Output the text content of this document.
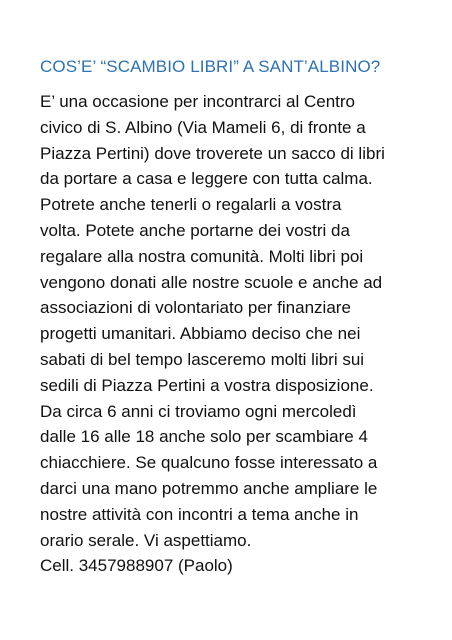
COS’E’ “SCAMBIO LIBRI” A SANT’ALBINO?
E’ una occasione per incontrarci al Centro
civico di S. Albino (Via Mameli 6, di fronte a
Piazza Pertini) dove troverete un sacco di libri
da portare a casa e leggere con tutta calma.
Potrete anche tenerli o regalarli a vostra
volta. Potete anche portarne dei vostri da
regalare alla nostra comunità. Molti libri poi
vengono donati alle nostre scuole e anche ad
associazioni di volontariato per finanziare
progetti umanitari. Abbiamo deciso che nei
sabati di bel tempo lasceremo molti libri sui
sedili di Piazza Pertini a vostra disposizione.
Da circa 6 anni ci troviamo ogni mercoledì
dalle 16 alle 18 anche solo per scambiare 4
chiacchiere. Se qualcuno fosse interessato a
darci una mano potremmo anche ampliare le
nostre attività con incontri a tema anche in
orario serale. Vi aspettiamo.
Cell. 3457988907 (Paolo)
